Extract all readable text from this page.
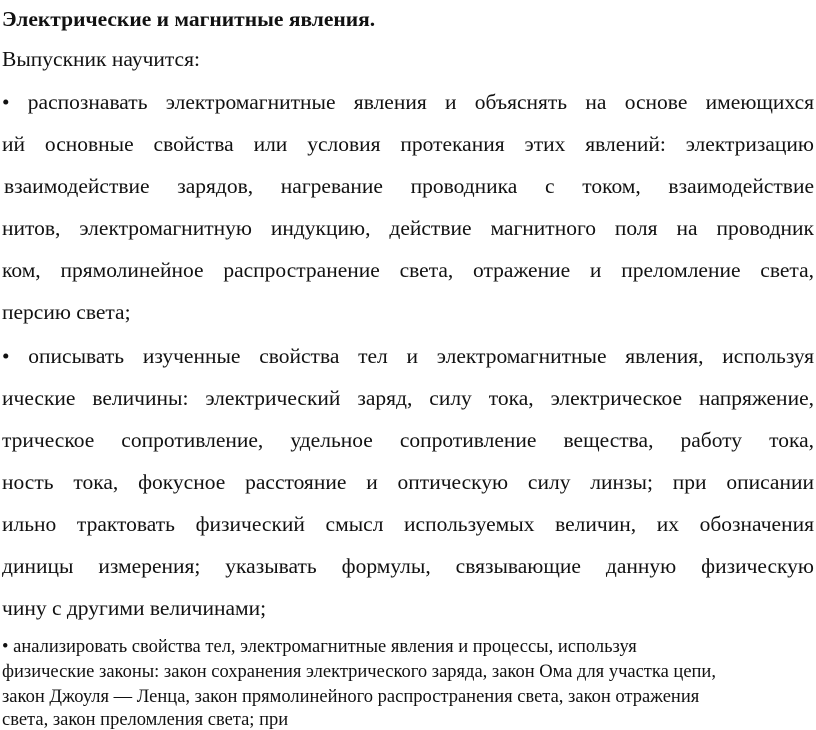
Электрические и магнитные явления.
Выпускник научится:
• распознавать электромагнитные явления и объяснять на основе имеющихся
ий основные свойства или условия протекания этих явлений: электризацию
взаимодействие зарядов, нагревание проводника с током, взаимодействие
нитов, электромагнитную индукцию, действие магнитного поля на проводник
ком, прямолинейное распространение света, отражение и преломление света,
персию света;
• описывать изученные свойства тел и электромагнитные явления, используя
ические величины: электрический заряд, силу тока, электрическое напряжение,
трическое сопротивление, удельное сопротивление вещества, работу тока,
ность тока, фокусное расстояние и оптическую силу линзы; при описании
ильно трактовать физический смысл используемых величин, их обозначения
диницы измерения; указывать формулы, связывающие данную физическую
чину с другими величинами;
• анализировать свойства тел, электромагнитные явления и процессы, используя
физические законы: закон сохранения электрического заряда, закон Ома для участка цепи,
закон Джоуля — Ленца, закон прямолинейного распространения света, закон отражения
света, закон преломления света; при
